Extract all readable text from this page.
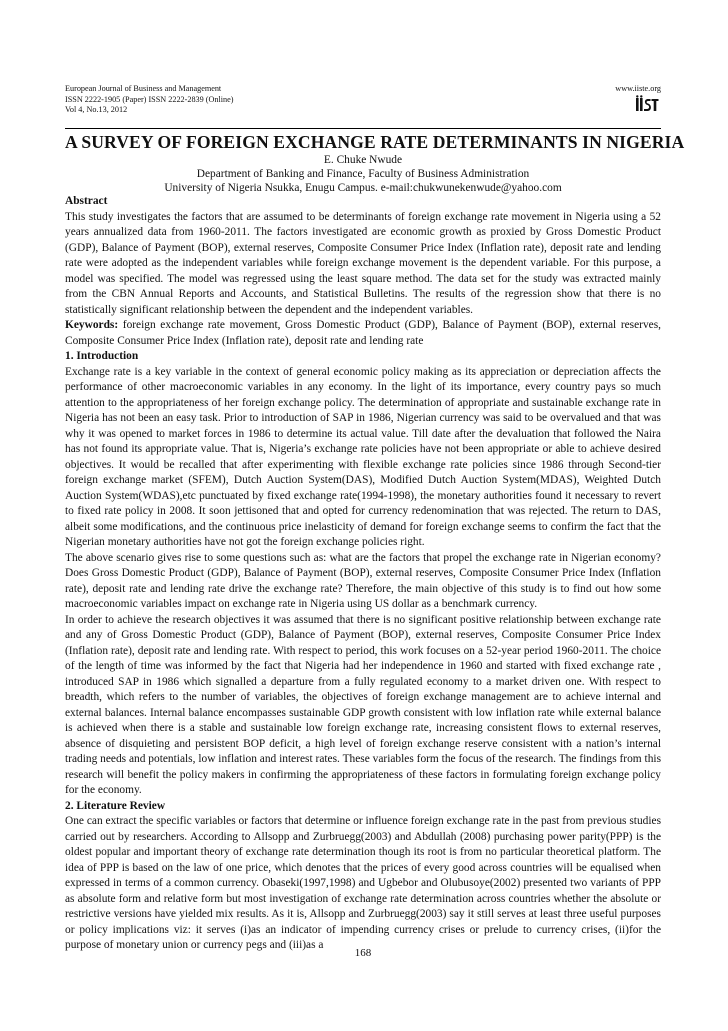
European Journal of Business and Management
ISSN 2222-1905 (Paper) ISSN 2222-2839 (Online)
Vol 4, No.13, 2012
www.iiste.org
A SURVEY OF FOREIGN EXCHANGE RATE DETERMINANTS IN NIGERIA
E. Chuke Nwude
Department of Banking and Finance, Faculty of Business Administration
University of Nigeria Nsukka, Enugu Campus. e-mail:chukwunekenwude@yahoo.com

Abstract

This study investigates the factors that are assumed to be determinants of foreign exchange rate movement in Nigeria using a 52 years annualized data from 1960-2011. The factors investigated are economic growth as proxied by Gross Domestic Product (GDP), Balance of Payment (BOP), external reserves, Composite Consumer Price Index (Inflation rate), deposit rate and lending rate were adopted as the independent variables while foreign exchange movement is the dependent variable. For this purpose, a model was specified. The model was regressed using the least square method. The data set for the study was extracted mainly from the CBN Annual Reports and Accounts, and Statistical Bulletins. The results of the regression show that there is no statistically significant relationship between the dependent and the independent variables.

Keywords: foreign exchange rate movement, Gross Domestic Product (GDP), Balance of Payment (BOP), external reserves, Composite Consumer Price Index (Inflation rate), deposit rate and lending rate

1. Introduction

Exchange rate is a key variable in the context of general economic policy making as its appreciation or depreciation affects the performance of other macroeconomic variables in any economy. In the light of its importance, every country pays so much attention to the appropriateness of her foreign exchange policy. The determination of appropriate and sustainable exchange rate in Nigeria has not been an easy task. Prior to introduction of SAP in 1986, Nigerian currency was said to be overvalued and that was why it was opened to market forces in 1986 to determine its actual value. Till date after the devaluation that followed the Naira has not found its appropriate value. That is, Nigeria’s exchange rate policies have not been appropriate or able to achieve desired objectives. It would be recalled that after experimenting with flexible exchange rate policies since 1986 through Second-tier foreign exchange market (SFEM), Dutch Auction System(DAS), Modified Dutch Auction System(MDAS), Weighted Dutch Auction System(WDAS),etc punctuated by fixed exchange rate(1994-1998), the monetary authorities found it necessary to revert to fixed rate policy in 2008. It soon jettisoned that and opted for currency redenomination that was rejected. The return to DAS, albeit some modifications, and the continuous price inelasticity of demand for foreign exchange seems to confirm the fact that the Nigerian monetary authorities have not got the foreign exchange policies right.

The above scenario gives rise to some questions such as: what are the factors that propel the exchange rate in Nigerian economy? Does Gross Domestic Product (GDP), Balance of Payment (BOP), external reserves, Composite Consumer Price Index (Inflation rate), deposit rate and lending rate drive the exchange rate? Therefore, the main objective of this study is to find out how some macroeconomic variables impact on exchange rate in Nigeria using US dollar as a benchmark currency.

In order to achieve the research objectives it was assumed that there is no significant positive relationship between exchange rate and any of Gross Domestic Product (GDP), Balance of Payment (BOP), external reserves, Composite Consumer Price Index (Inflation rate), deposit rate and lending rate. With respect to period, this work focuses on a 52-year period 1960-2011. The choice of the length of time was informed by the fact that Nigeria had her independence in 1960 and started with fixed exchange rate , introduced SAP in 1986 which signalled a departure from a fully regulated economy to a market driven one. With respect to breadth, which refers to the number of variables, the objectives of foreign exchange management are to achieve internal and external balances. Internal balance encompasses sustainable GDP growth consistent with low inflation rate while external balance is achieved when there is a stable and sustainable low foreign exchange rate, increasing consistent flows to external reserves, absence of disquieting and persistent BOP deficit, a high level of foreign exchange reserve consistent with a nation’s internal trading needs and potentials, low inflation and interest rates. These variables form the focus of the research. The findings from this research will benefit the policy makers in confirming the appropriateness of these factors in formulating foreign exchange policy for the economy.

2. Literature Review

One can extract the specific variables or factors that determine or influence foreign exchange rate in the past from previous studies carried out by researchers. According to Allsopp and Zurbruegg(2003) and Abdullah (2008) purchasing power parity(PPP) is the oldest popular and important theory of exchange rate determination though its root is from no particular theoretical platform. The idea of PPP is based on the law of one price, which denotes that the prices of every good across countries will be equalised when expressed in terms of a common currency. Obaseki(1997,1998) and Ugbebor and Olubusoye(2002) presented two variants of PPP as absolute form and relative form but most investigation of exchange rate determination across countries whether the absolute or restrictive versions have yielded mix results. As it is, Allsopp and Zurbruegg(2003) say it still serves at least three useful purposes or policy implications viz: it serves (i)as an indicator of impending currency crises or prelude to currency crises, (ii)for the purpose of monetary union or currency pegs and (iii)as a

168
